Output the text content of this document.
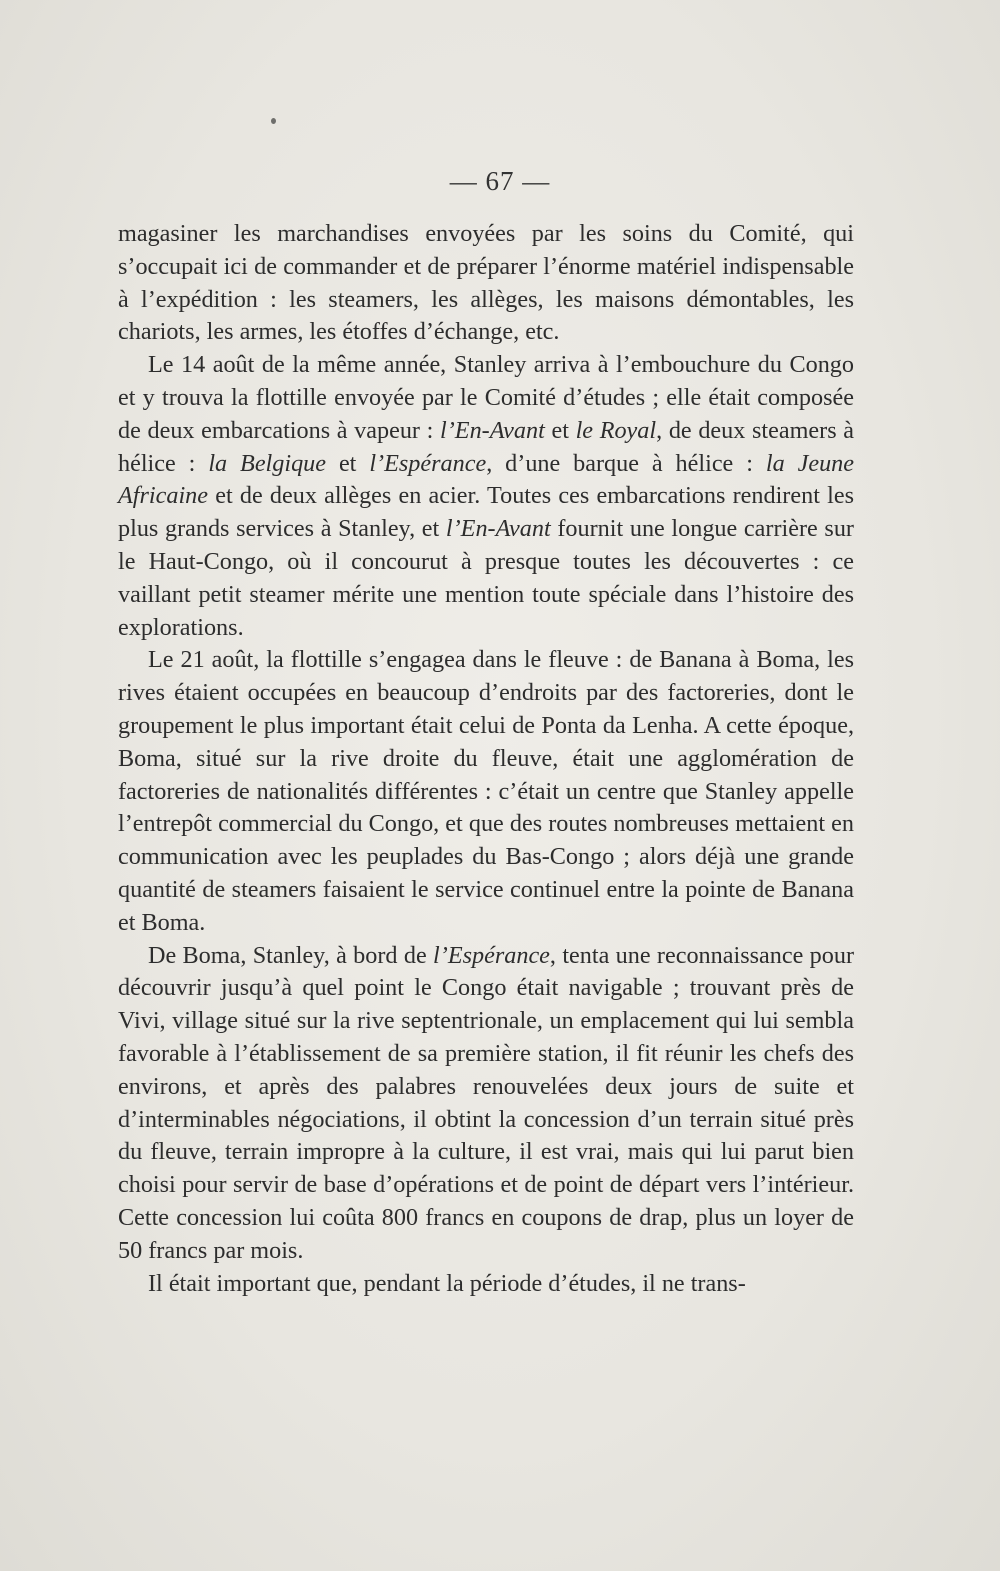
— 67 —

magasiner les marchandises envoyées par les soins du Comité, qui s’occupait ici de commander et de préparer l’énorme matériel indispensable à l’expédition : les steamers, les allèges, les maisons démontables, les chariots, les armes, les étoffes d’échange, etc.

Le 14 août de la même année, Stanley arriva à l’embouchure du Congo et y trouva la flottille envoyée par le Comité d’études ; elle était composée de deux embarcations à vapeur : l’En-Avant et le Royal, de deux steamers à hélice : la Belgique et l’Espérance, d’une barque à hélice : la Jeune Africaine et de deux allèges en acier. Toutes ces embarcations rendirent les plus grands services à Stanley, et l’En-Avant fournit une longue carrière sur le Haut-Congo, où il concourut à presque toutes les découvertes : ce vaillant petit steamer mérite une mention toute spéciale dans l’histoire des explorations.

Le 21 août, la flottille s’engagea dans le fleuve : de Banana à Boma, les rives étaient occupées en beaucoup d’endroits par des factoreries, dont le groupement le plus important était celui de Ponta da Lenha. A cette époque, Boma, situé sur la rive droite du fleuve, était une agglomération de factoreries de nationalités différentes : c’était un centre que Stanley appelle l’entrepôt commercial du Congo, et que des routes nombreuses mettaient en communication avec les peuplades du Bas-Congo ; alors déjà une grande quantité de steamers faisaient le service continuel entre la pointe de Banana et Boma.

De Boma, Stanley, à bord de l’Espérance, tenta une reconnaissance pour découvrir jusqu’à quel point le Congo était navigable ; trouvant près de Vivi, village situé sur la rive septentrionale, un emplacement qui lui sembla favorable à l’établissement de sa première station, il fit réunir les chefs des environs, et après des palabres renouvelées deux jours de suite et d’interminables négociations, il obtint la concession d’un terrain situé près du fleuve, terrain impropre à la culture, il est vrai, mais qui lui parut bien choisi pour servir de base d’opérations et de point de départ vers l’intérieur. Cette concession lui coûta 800 francs en coupons de drap, plus un loyer de 50 francs par mois.

Il était important que, pendant la période d’études, il ne trans-
